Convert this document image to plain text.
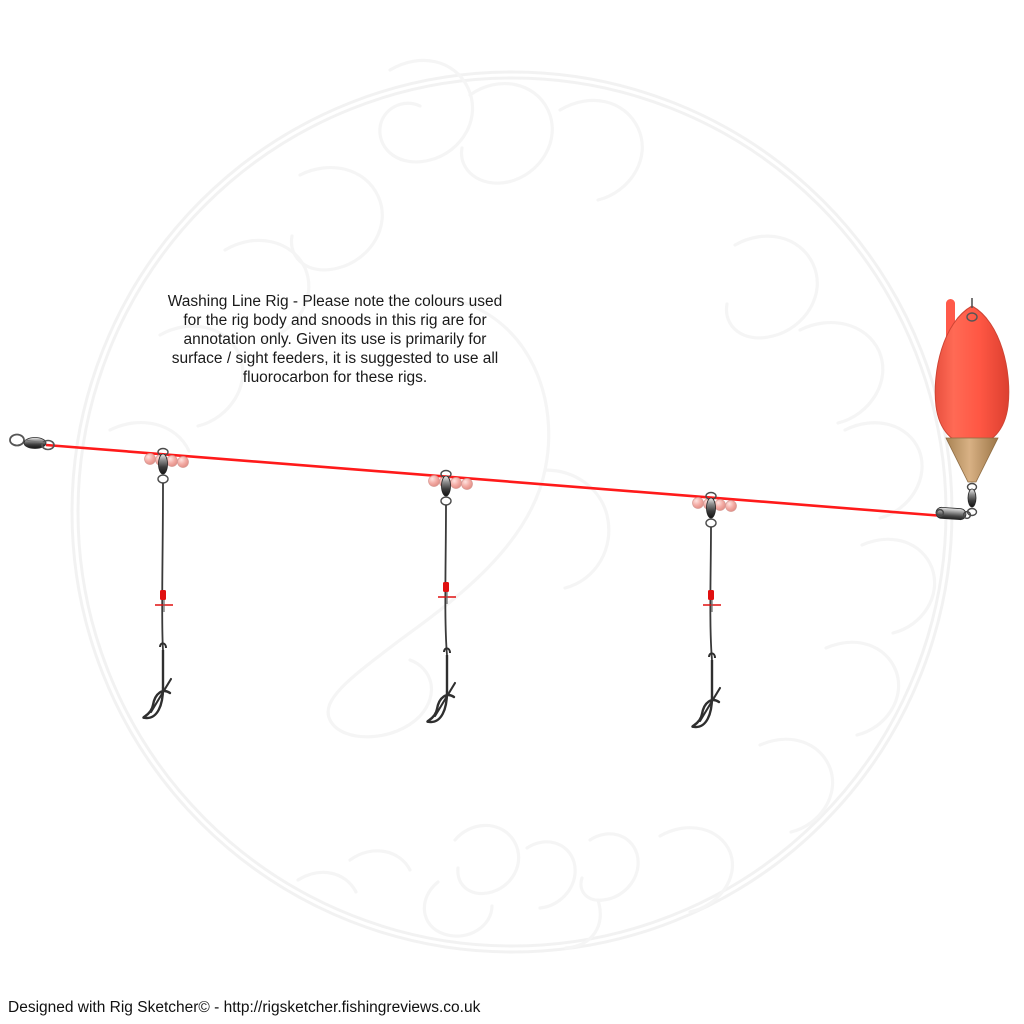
Washing Line Rig - Please note the colours used for the rig body and snoods in this rig are for annotation only. Given its use is primarily for surface / sight feeders, it is suggested to use all fluorocarbon for these rigs.
Designed with Rig Sketcher© - http://rigsketcher.fishingreviews.co.uk
